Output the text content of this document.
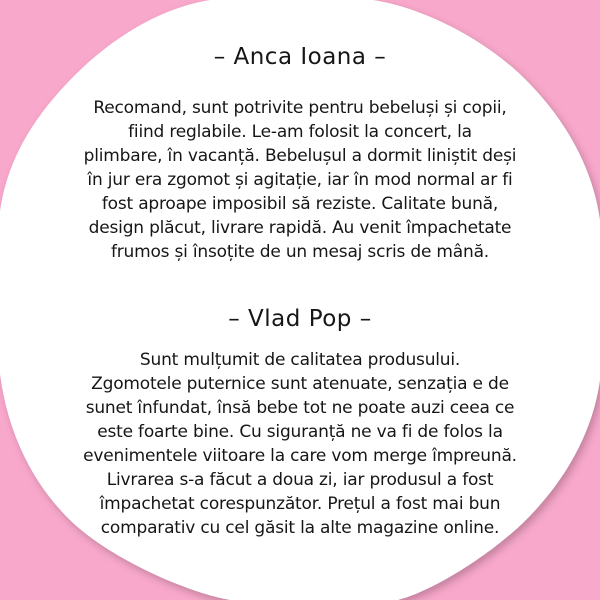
– Anca Ioana –
Recomand, sunt potrivite pentru bebeluși și copii,
fiind reglabile. Le-am folosit la concert, la
plimbare, în vacanță. Bebelușul a dormit liniștit deși
în jur era zgomot și agitație, iar în mod normal ar fi
fost aproape imposibil să reziste. Calitate bună,
design plăcut, livrare rapidă. Au venit împachetate
frumos și însoțite de un mesaj scris de mână.
– Vlad Pop –
Sunt mulțumit de calitatea produsului.
Zgomotele puternice sunt atenuate, senzația e de
sunet înfundat, însă bebe tot ne poate auzi ceea ce
este foarte bine. Cu siguranță ne va fi de folos la
evenimentele viitoare la care vom merge împreună.
Livrarea s-a făcut a doua zi, iar produsul a fost
împachetat corespunzător. Prețul a fost mai bun
comparativ cu cel găsit la alte magazine online.
